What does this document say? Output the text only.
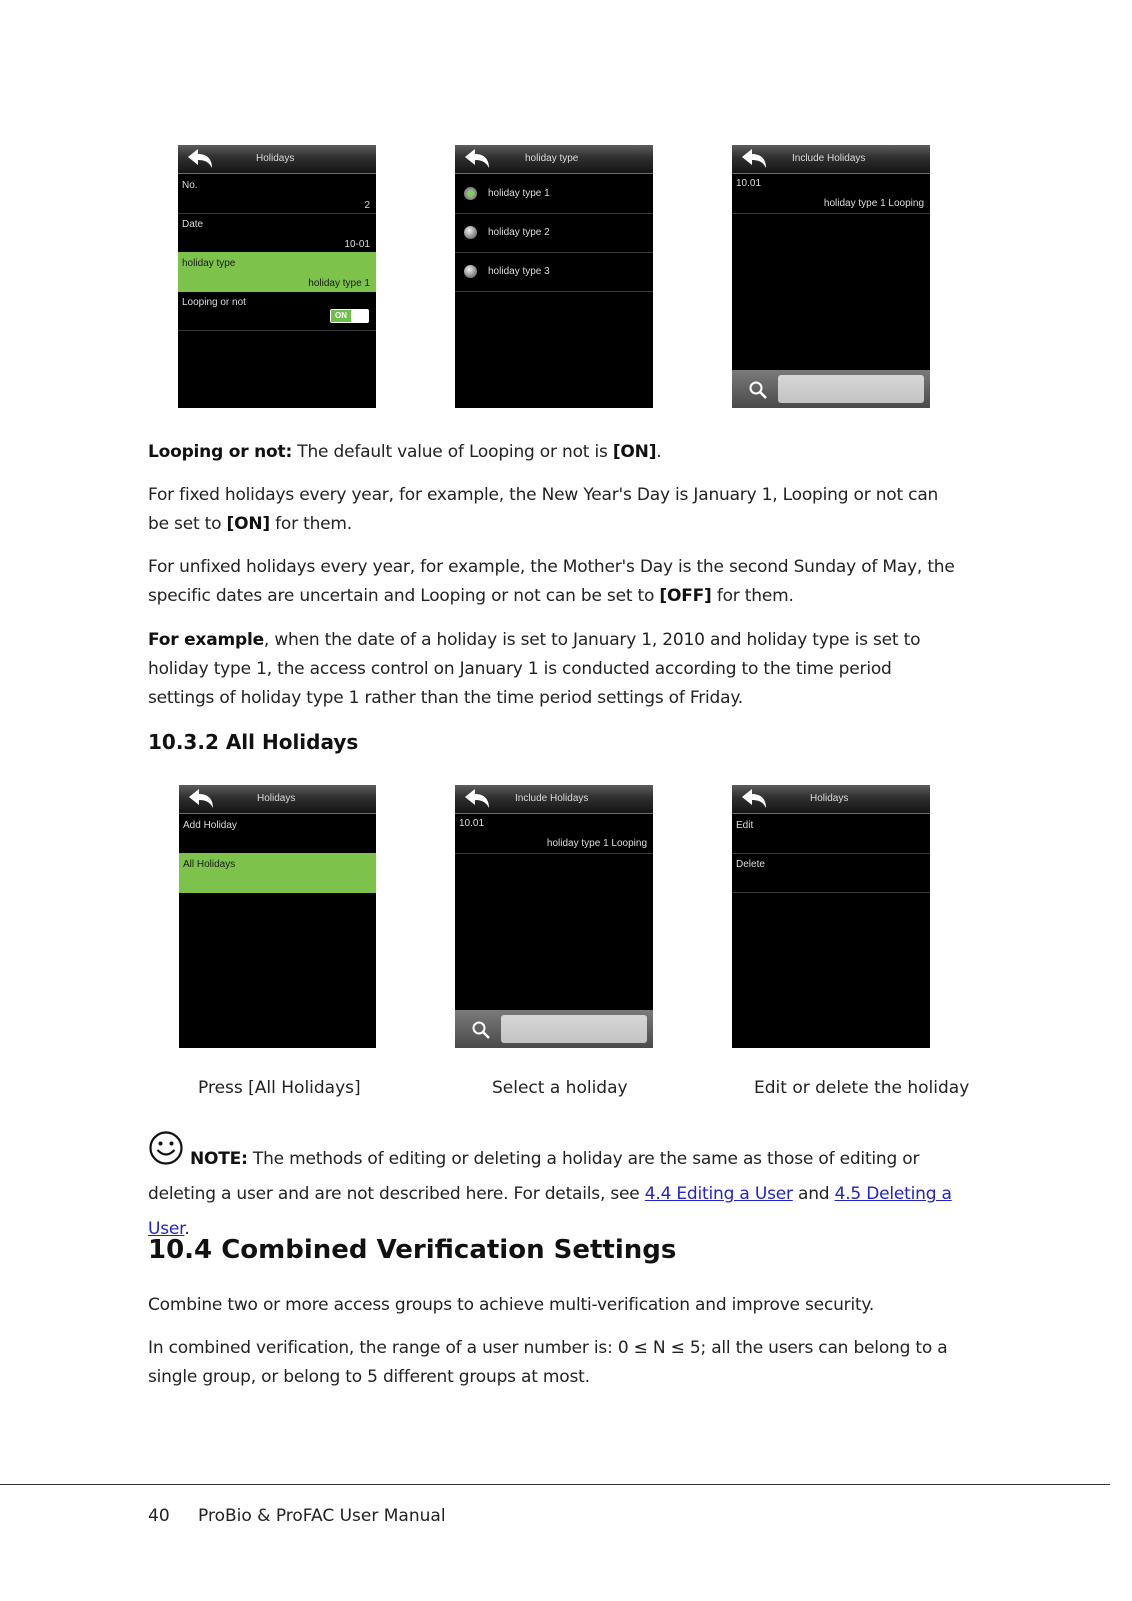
Holidays
No.
2
Date
10-01
holiday type
holiday type 1
Looping or not
ON
holiday type
holiday type 1
holiday type 2
holiday type 3
Include Holidays
10.01
holiday type 1 Looping
Looping or not: The default value of Looping or not is [ON].
For fixed holidays every year, for example, the New Year's Day is January 1, Looping or not can be set to [ON] for them.
For unfixed holidays every year, for example, the Mother's Day is the second Sunday of May, the specific dates are uncertain and Looping or not can be set to [OFF] for them.
For example, when the date of a holiday is set to January 1, 2010 and holiday type is set to holiday type 1, the access control on January 1 is conducted according to the time period settings of holiday type 1 rather than the time period settings of Friday.
10.3.2 All Holidays
Holidays
Add Holiday
All Holidays
Include Holidays
10.01
holiday type 1 Looping
Holidays
Edit
Delete
Press [All Holidays]	Select a holiday	Edit or delete the holiday
NOTE: The methods of editing or deleting a holiday are the same as those of editing or deleting a user and are not described here. For details, see 4.4 Editing a User and 4.5 Deleting a User.
10.4 Combined Verification Settings
Combine two or more access groups to achieve multi-verification and improve security.
In combined verification, the range of a user number is: 0 ≤ N ≤ 5; all the users can belong to a single group, or belong to 5 different groups at most.
40 ProBio & ProFAC User Manual
